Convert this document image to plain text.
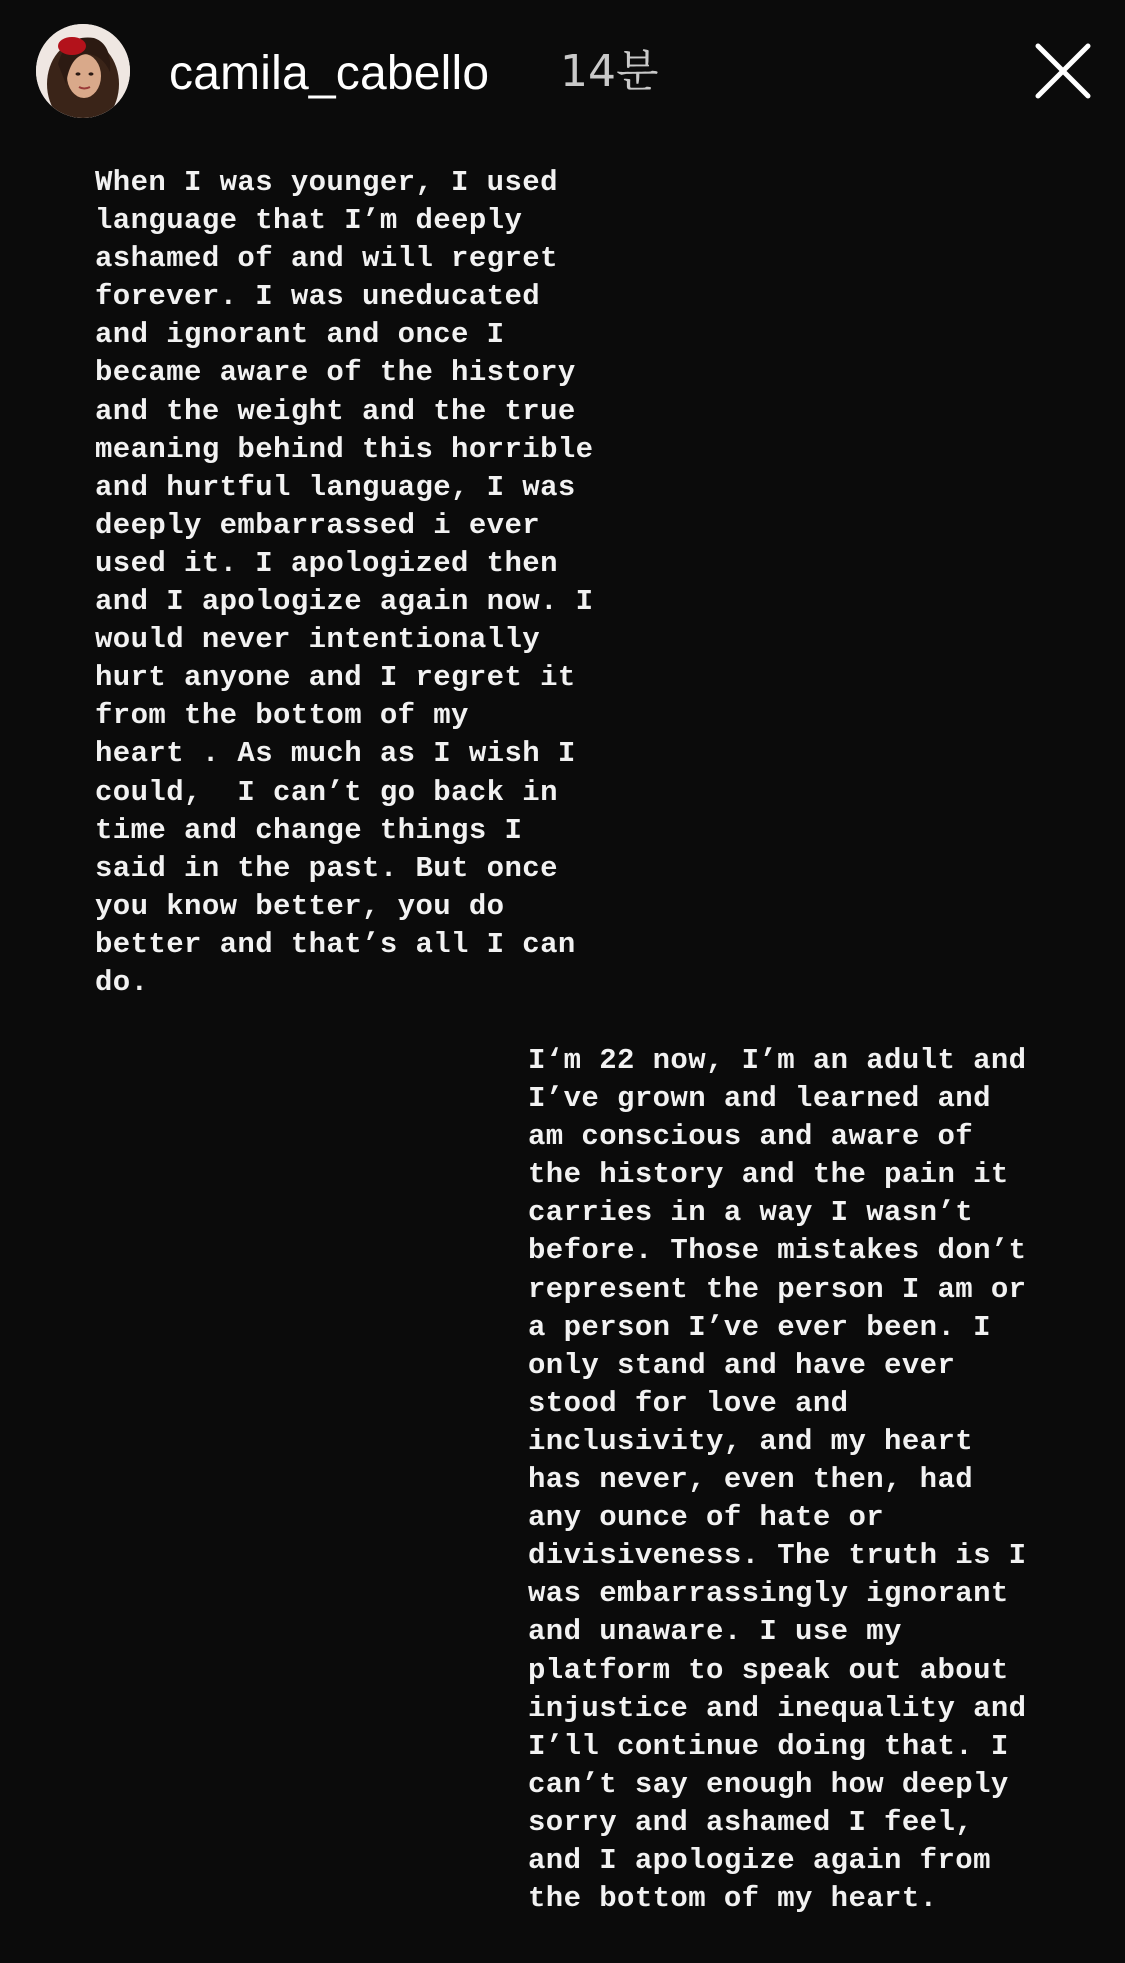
camila_cabello 14분
When I was younger, I used
language that I’m deeply
ashamed of and will regret
forever. I was uneducated
and ignorant and once I
became aware of the history
and the weight and the true
meaning behind this horrible
and hurtful language, I was
deeply embarrassed i ever
used it. I apologized then
and I apologize again now. I
would never intentionally
hurt anyone and I regret it
from the bottom of my
heart . As much as I wish I
could,  I can’t go back in
time and change things I
said in the past. But once
you know better, you do
better and that’s all I can
do.
I‘m 22 now, I’m an adult and
I’ve grown and learned and
am conscious and aware of
the history and the pain it
carries in a way I wasn’t
before. Those mistakes don’t
represent the person I am or
a person I’ve ever been. I
only stand and have ever
stood for love and
inclusivity, and my heart
has never, even then, had
any ounce of hate or
divisiveness. The truth is I
was embarrassingly ignorant
and unaware. I use my
platform to speak out about
injustice and inequality and
I’ll continue doing that. I
can’t say enough how deeply
sorry and ashamed I feel,
and I apologize again from
the bottom of my heart.
